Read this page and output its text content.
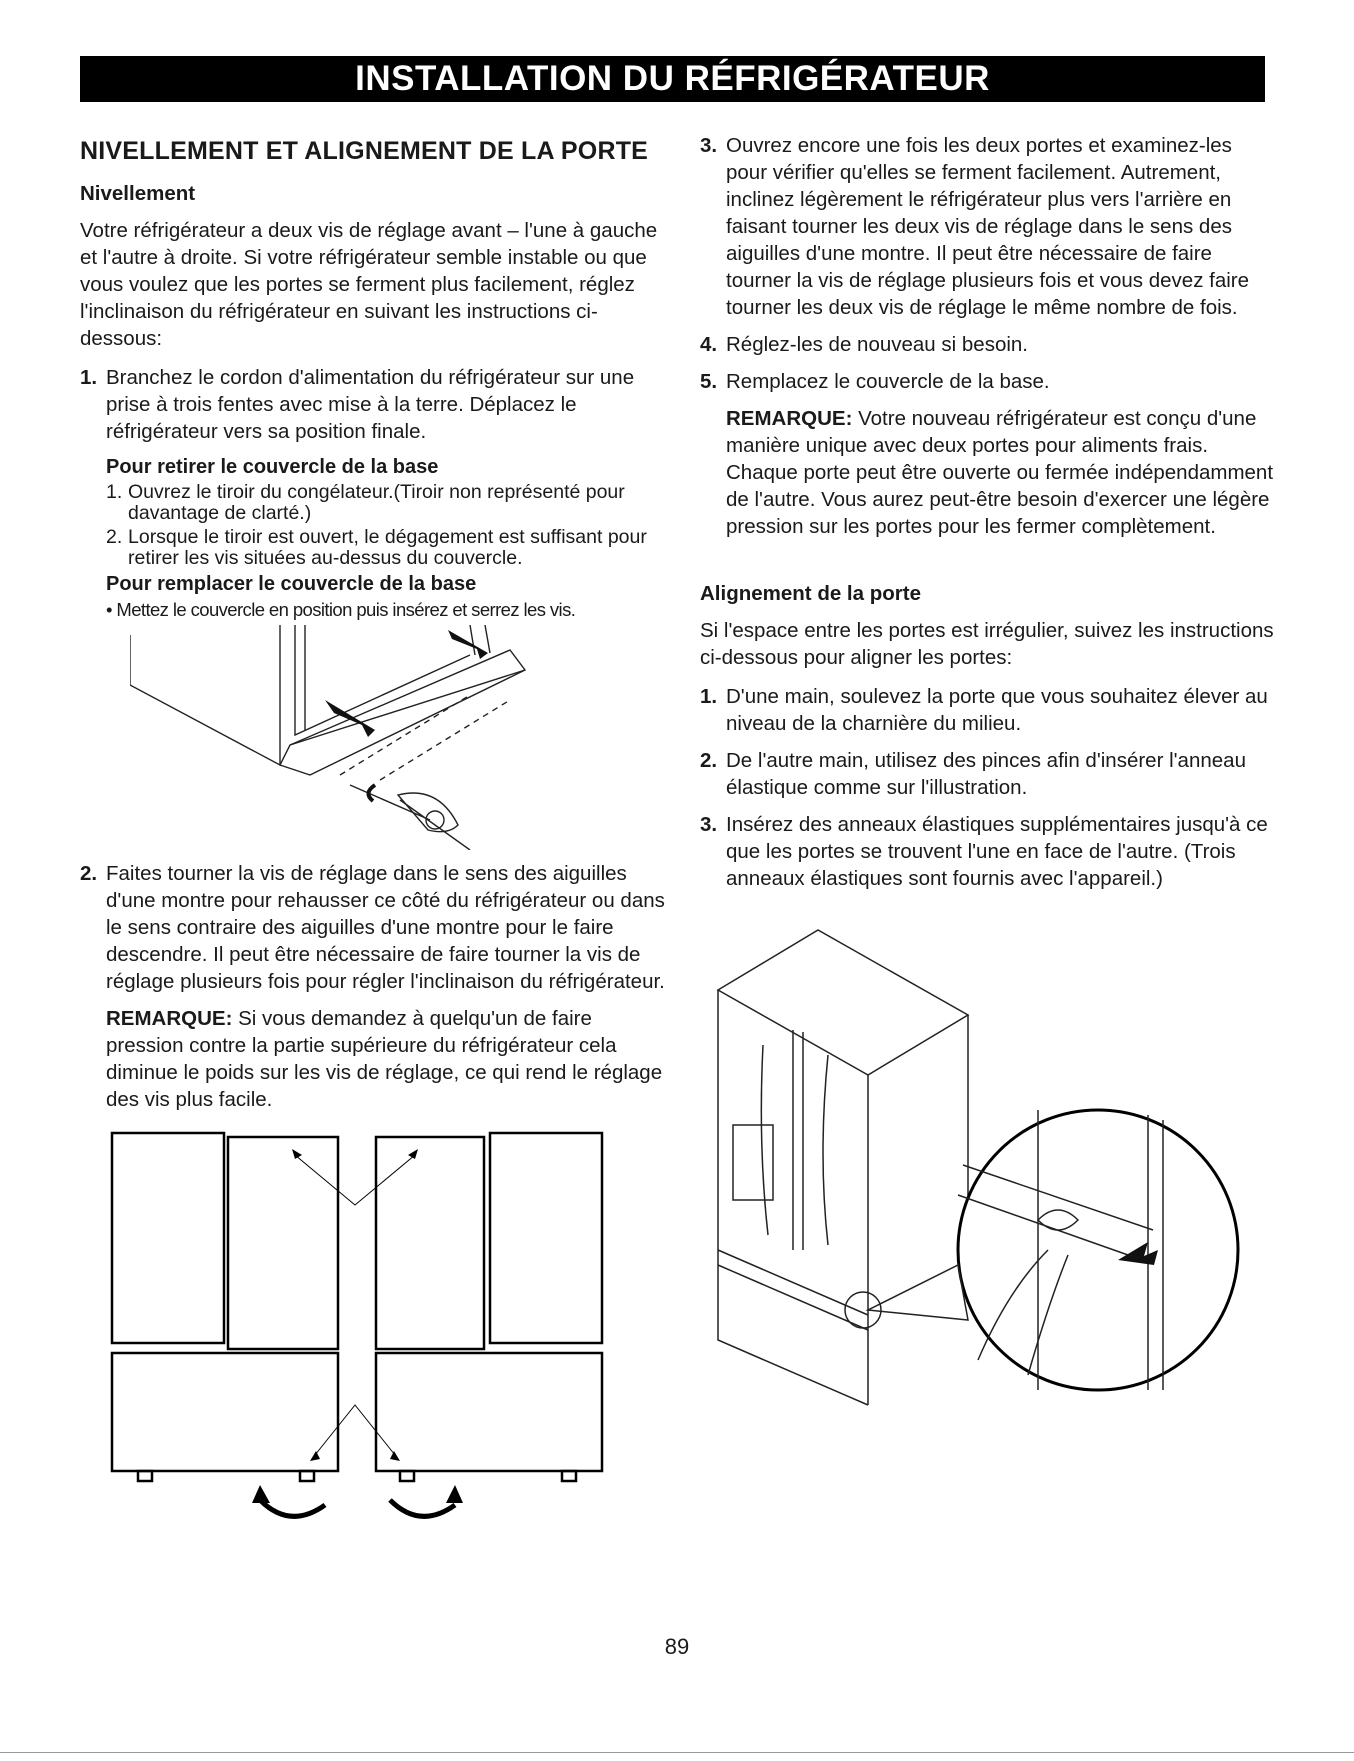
INSTALLATION DU RÉFRIGÉRATEUR
NIVELLEMENT ET ALIGNEMENT DE LA PORTE
Nivellement

Votre réfrigérateur a deux vis de réglage avant – l'une à gauche et l'autre à droite. Si votre réfrigérateur semble instable ou que vous voulez que les portes se ferment plus facilement, réglez l'inclinaison du réfrigérateur en suivant les instructions ci-dessous:

1. Branchez le cordon d'alimentation du réfrigérateur sur une prise à trois fentes avec mise à la terre. Déplacez le réfrigérateur vers sa position finale.
Pour retirer le couvercle de la base
1. Ouvrez le tiroir du congélateur.(Tiroir non représenté pour davantage de clarté.)
2. Lorsque le tiroir est ouvert, le dégagement est suffisant pour retirer les vis situées au-dessus du couvercle.
Pour remplacer le couvercle de la base
• Mettez le couvercle en position puis insérez et serrez les vis.
2. Faites tourner la vis de réglage dans le sens des aiguilles d'une montre pour rehausser ce côté du réfrigérateur ou dans le sens contraire des aiguilles d'une montre pour le faire descendre. Il peut être nécessaire de faire tourner la vis de réglage plusieurs fois pour régler l'inclinaison du réfrigérateur.

REMARQUE: Si vous demandez à quelqu'un de faire pression contre la partie supérieure du réfrigérateur cela diminue le poids sur les vis de réglage, ce qui rend le réglage des vis plus facile.

3. Ouvrez encore une fois les deux portes et examinez-les pour vérifier qu'elles se ferment facilement. Autrement, inclinez légèrement le réfrigérateur plus vers l'arrière en faisant tourner les deux vis de réglage dans le sens des aiguilles d'une montre. Il peut être nécessaire de faire tourner la vis de réglage plusieurs fois et vous devez faire tourner les deux vis de réglage le même nombre de fois.
4. Réglez-les de nouveau si besoin.
5. Remplacez le couvercle de la base.

REMARQUE: Votre nouveau réfrigérateur est conçu d'une manière unique avec deux portes pour aliments frais. Chaque porte peut être ouverte ou fermée indépendamment de l'autre. Vous aurez peut-être besoin d'exercer une légère pression sur les portes pour les fermer complètement.

Alignement de la porte

Si l'espace entre les portes est irrégulier, suivez les instructions ci-dessous pour aligner les portes:

1. D'une main, soulevez la porte que vous souhaitez élever au niveau de la charnière du milieu.
2. De l'autre main, utilisez des pinces afin d'insérer l'anneau élastique comme sur l'illustration.
3. Insérez des anneaux élastiques supplémentaires jusqu'à ce que les portes se trouvent l'une en face de l'autre. (Trois anneaux élastiques sont fournis avec l'appareil.)
89
